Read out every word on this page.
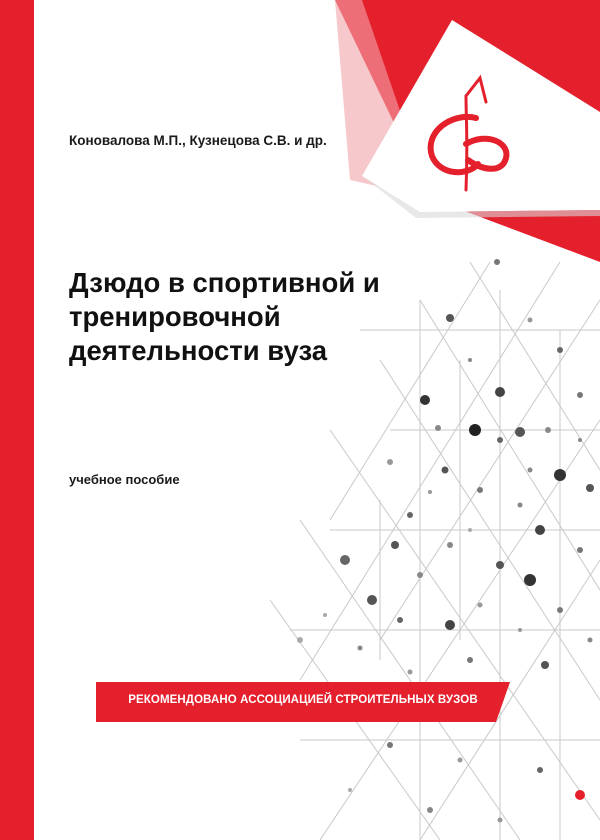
Коновалова М.П., Кузнецова С.В. и др.
Дзюдо в спортивной и
тренировочной
деятельности вуза
учебное пособие
РЕКОМЕНДОВАНО АССОЦИАЦИЕЙ СТРОИТЕЛЬНЫХ ВУЗОВ
